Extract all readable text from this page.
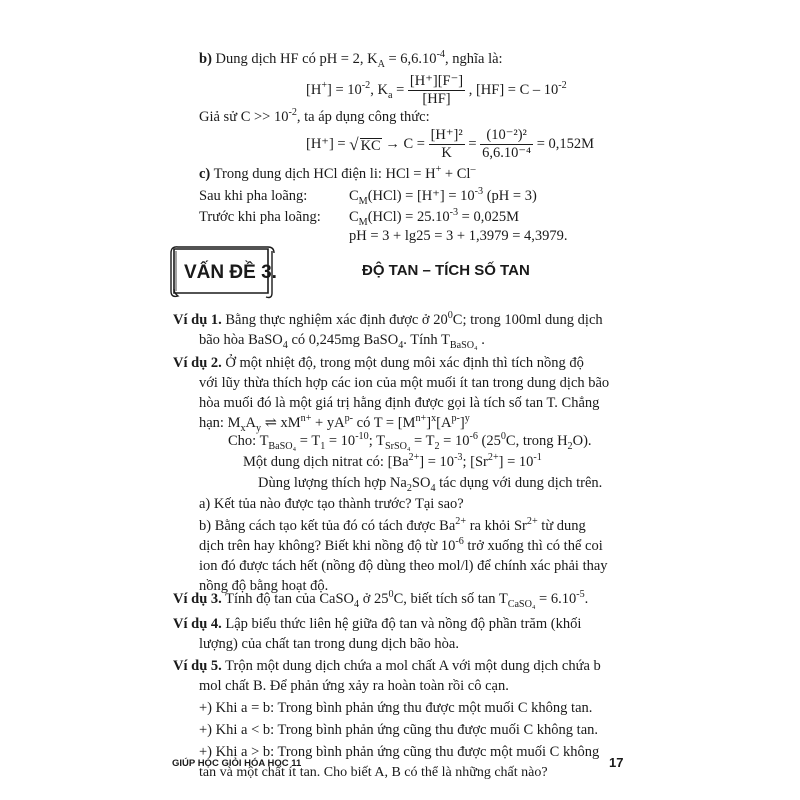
b) Dung dịch HF có pH = 2, $K_A = 6,6.10^{-4}$, nghĩa là:
$[H^+] = 10^{-2}$, $K_a = \frac{[H^+][F^-]}{[HF]}$ , $[HF] = C - 10^{-2}$
Giả sử $C >> 10^{-2}$, ta áp dụng công thức:
[H⁺] = √ KC → $C = \frac{\text{[H⁺]²}}{K} = \frac{\text{(10⁻²)²}}{\text{6,6.10⁻⁴}} = 0,152M$
c) Trong dung dịch HCl điện li: HCl = H+ + Cl–
Sau khi pha loãng:	$C_M(HCl) = [H^+] = 10^{-3}$ (pH = 3)
Trước khi pha loãng: $C_M(HCl) = 25.10^{-3} = 0,025M$
pH = 3 + lg25 = 3 + 1,3979 = 4,3979.
VẤN ĐỀ 3.	ĐỘ TAN – TÍCH SỐ TAN
Ví dụ 1. Bằng thực nghiệm xác định được ở $20^0C$; trong 100ml dung dịch
bão hòa BaSO$_4$ có 0,245mg BaSO$_4$. Tính $T_{BaSO_4}$ .
Ví dụ 2. Ở một nhiệt độ, trong một dung môi xác định thì tích nồng độ
với lũy thừa thích hợp các ion của một muối ít tan trong dung dịch bão
hòa muối đó là một giá trị hằng định được gọi là tích số tan T. Chẳng
hạn: $M_xA_y$ ⇌ $xM^{n+} + yA^{p-}$ có $T = [M^{n+}]^x[A^{p-}]^y$
Cho: $T_{BaSO_4} = T_1 = 10^{-10}$; $T_{SrSO_4} = T_2 = 10^{-6}$ ($25^0C$, trong $H_2O$).
Một dung dịch nitrat có: $[Ba^{2+}] = 10^{-3}$; $[Sr^{2+}] = 10^{-1}$
Dùng lượng thích hợp $Na_2SO_4$ tác dụng với dung dịch trên.
a) Kết tủa nào được tạo thành trước? Tại sao?
b) Bằng cách tạo kết tủa đó có tách được $Ba^{2+}$ ra khỏi $Sr^{2+}$ từ dung
dịch trên hay không? Biết khi nồng độ từ $10^{-6}$ trở xuống thì có thể coi
ion đó được tách hết (nồng độ dùng theo mol/l) để chính xác phải thay
nồng độ bằng hoạt độ.
Ví dụ 3. Tính độ tan của CaSO$_4$ ở $25^0C$, biết tích số $\tan T_{CaSO_4} = 6.10^{-5}$.
Ví dụ 4. Lập biểu thức liên hệ giữa độ tan và nồng độ phần trăm (khối
lượng) của chất tan trong dung dịch bão hòa.
Ví dụ 5. Trộn một dung dịch chứa a mol chất A với một dung dịch chứa b
mol chất B. Để phản ứng xảy ra hoàn toàn rồi cô cạn.
+) Khi a = b: Trong bình phản ứng thu được một muối C không tan.
+) Khi a < b: Trong bình phản ứng cũng thu được muối C không tan.
+) Khi a > b: Trong bình phản ứng cũng thu được một muối C không
tan và một chất ít tan. Cho biết A, B có thể là những chất nào?
GIÚP HỌC GIỎI HÓA HỌC 11	17
